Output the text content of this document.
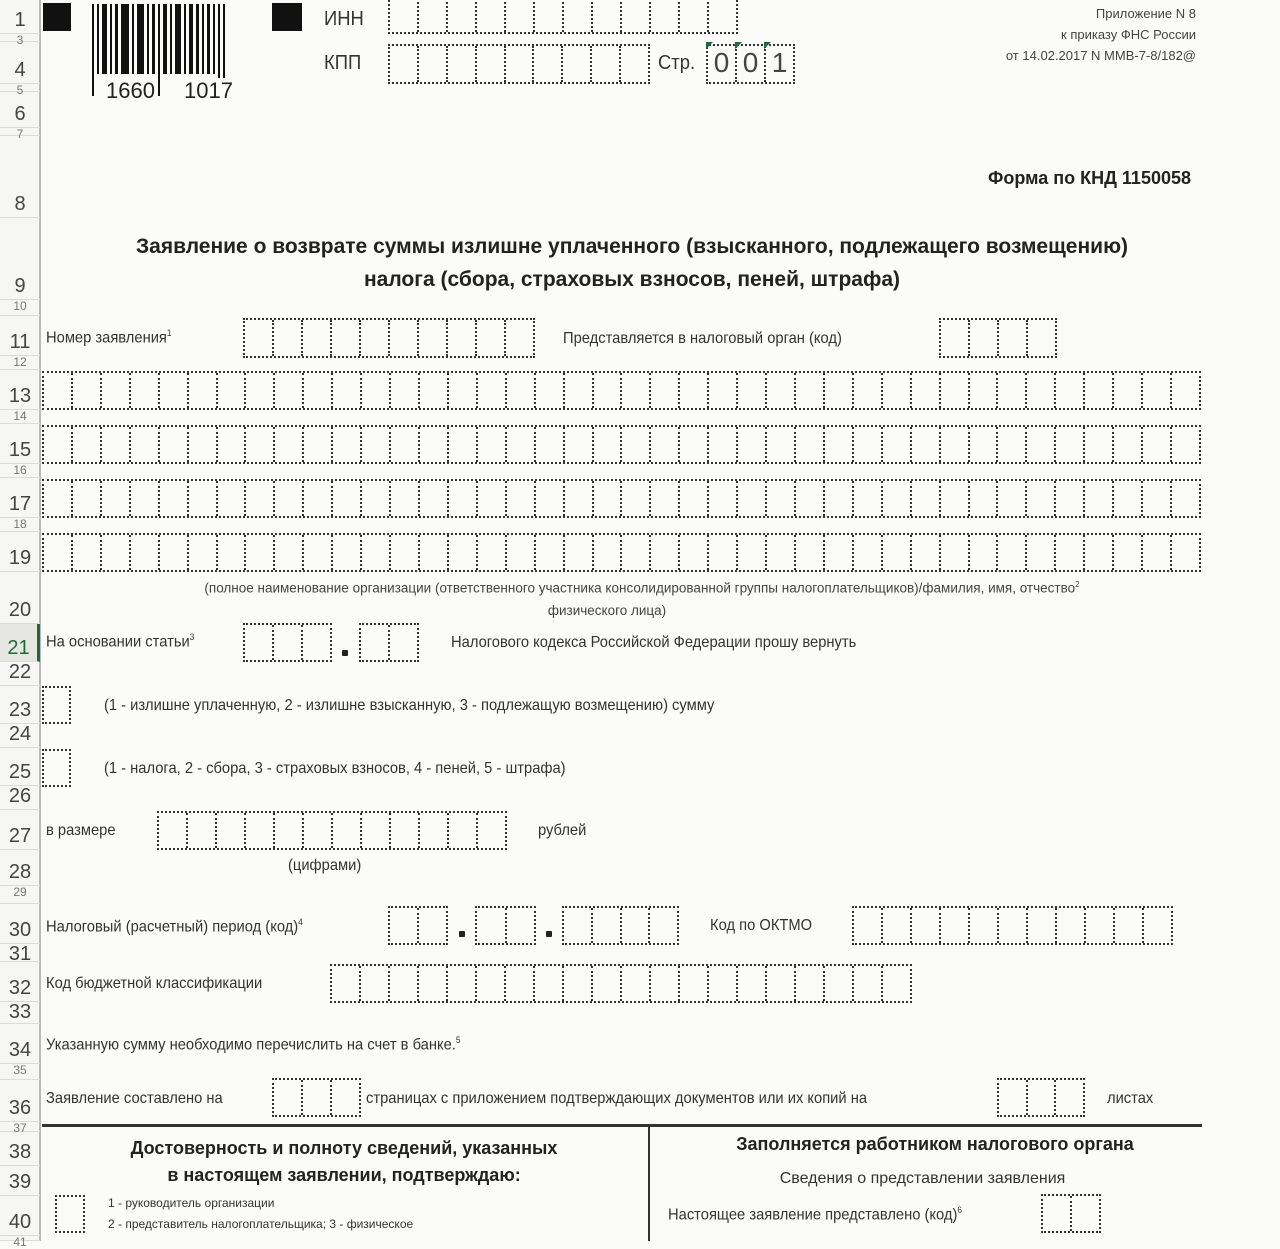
1
3
4
5
6
7
8
9
10
11
12
13
14
15
16
17
18
19
20
21
22
23
24
25
26
27
28
29
30
31
32
33
34
35
36
37
38
39
40
41
1660 1017
ИНН
КПП	Стр. 0 0 1
Приложение N 8
к приказу ФНС России
от 14.02.2017 N ММВ-7-8/182@
Форма по КНД 1150058
Заявление о возврате суммы излишне уплаченного (взысканного, подлежащего возмещению)
налога (сбора, страховых взносов, пеней, штрафа)
Номер заявления$^1$	Представляется в налоговый орган (код)
(полное наименование организации (ответственного участника консолидированной группы налогоплательщиков)/фамилия, имя, отчество$^2$
физического лица)
На основании статьи$^3$	Налогового кодекса Российской Федерации прошу вернуть
(1 - излишне уплаченную, 2 - излишне взысканную, 3 - подлежащую возмещению) сумму
(1 - налога, 2 - сбора, 3 - страховых взносов, 4 - пеней, 5 - штрафа)
в размере	рублей
(цифрами)
Налоговый (расчетный) период (код)$^4$	Код по ОКТМО
Код бюджетной классификации
Указанную сумму необходимо перечислить на счет в банке.$^5$
Заявление составлено на	страницах с приложением подтверждающих документов или их копий на	листах
Достоверность и полноту сведений, указанных
в настоящем заявлении, подтверждаю:
1 - руководитель организации
2 - представитель налогоплательщика; 3 - физическое
Заполняется работником налогового органа
Сведения о представлении заявления
Настоящее заявление представлено (код)$^6$
